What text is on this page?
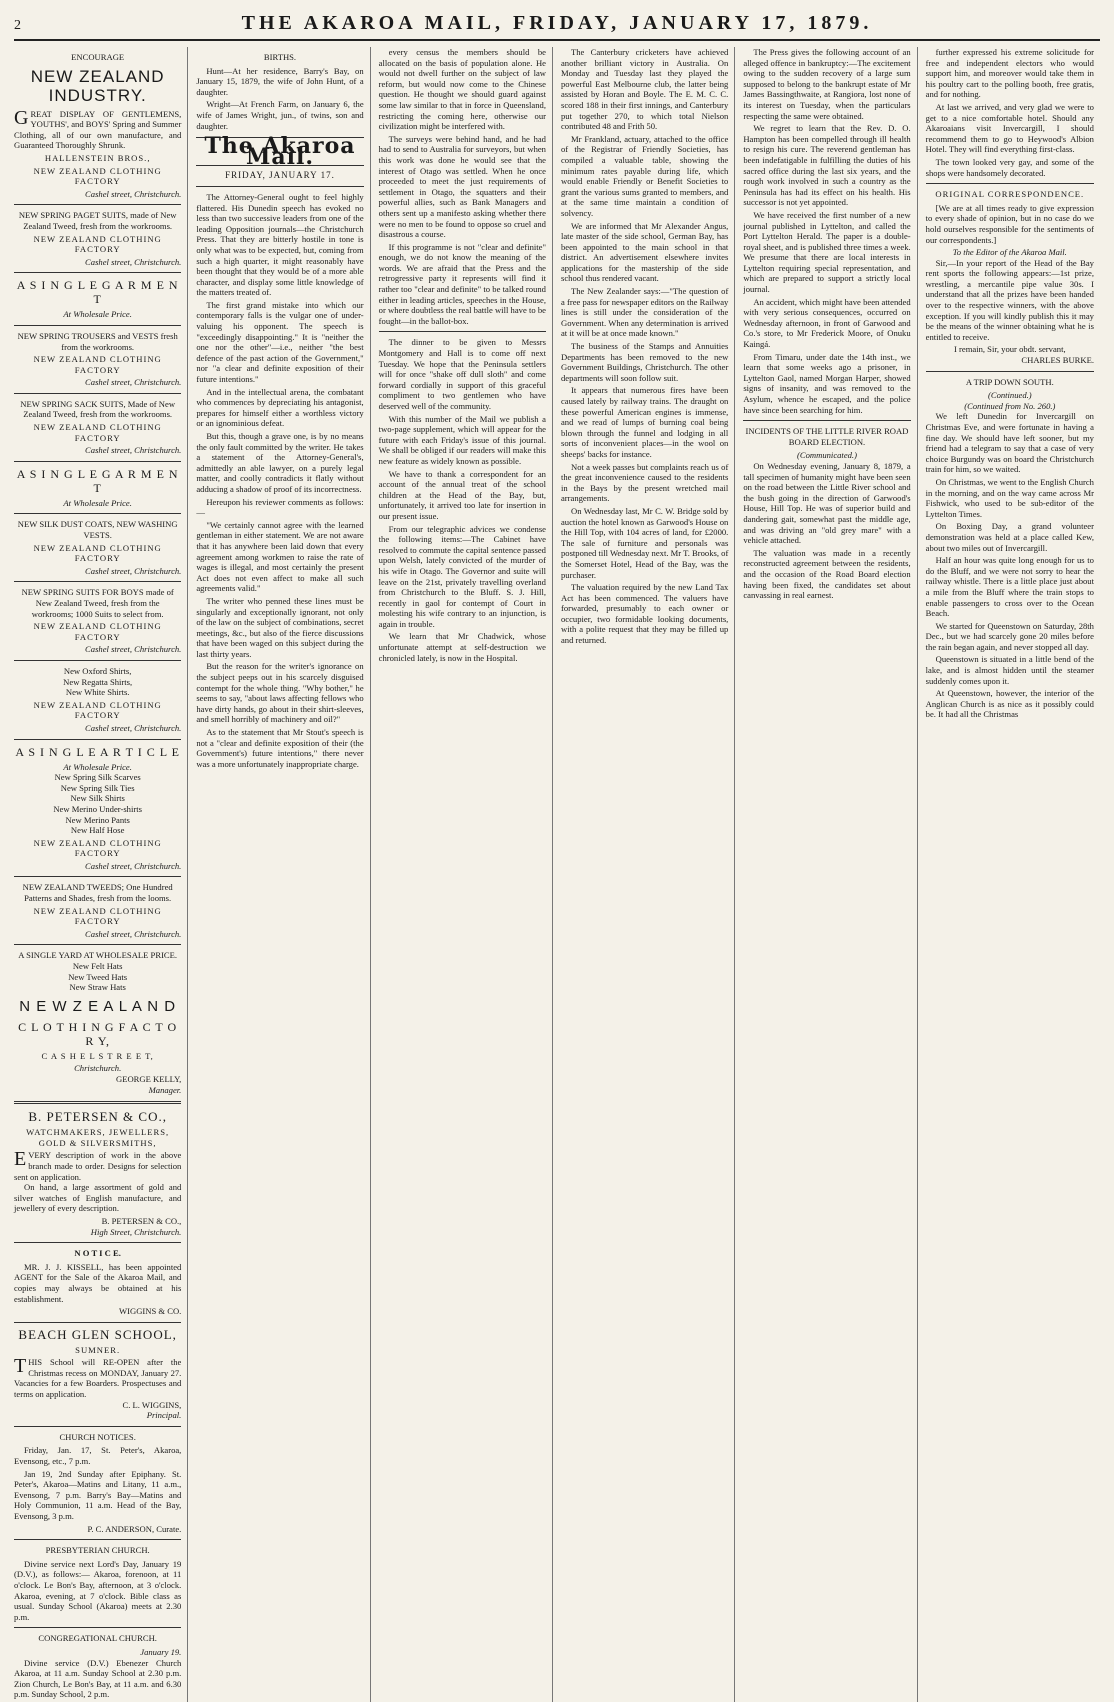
2	THE AKAROA MAIL, FRIDAY, JANUARY 17, 1879.
ENCOURAGE
NEW ZEALAND INDUSTRY.
GREAT DISPLAY OF GENTLEMENS, YOUTHS', and BOYS' Spring and Summer Clothing, all of our own manufacture, and Guaranteed Thoroughly Shrunk.
HALLENSTEIN BROS.,
NEW ZEALAND CLOTHING FACTORY
Cashel street, Christchurch.
NEW SPRING PAGET SUITS, made of New Zealand Tweed, fresh from the workrooms.
NEW ZEALAND CLOTHING FACTORY
Cashel street, Christchurch.
A S I N G L E G A R M E N T
At Wholesale Price.
NEW SPRING TROUSERS and VESTS fresh from the workrooms.
NEW ZEALAND CLOTHING FACTORY
Cashel street, Christchurch.
NEW SPRING SACK SUITS, Made of New Zealand Tweed, fresh from the workrooms.
NEW ZEALAND CLOTHING FACTORY
Cashel street, Christchurch.
A S I N G L E G A R M E N T
At Wholesale Price.
NEW SILK DUST COATS, NEW WASHING VESTS.
NEW ZEALAND CLOTHING FACTORY
Cashel street, Christchurch.
NEW SPRING SUITS FOR BOYS made of New Zealand Tweed, fresh from the workrooms; 1000 Suits to select from.
NEW ZEALAND CLOTHING FACTORY
Cashel street, Christchurch.
New Oxford Shirts,
New Regatta Shirts,
New White Shirts.
NEW ZEALAND CLOTHING FACTORY
Cashel street, Christchurch.
A S I N G L E A R T I C L E
At Wholesale Price.
New Spring Silk Scarves
New Spring Silk Ties
New Silk Shirts
New Merino Under-shirts
New Merino Pants
New Half Hose
NEW ZEALAND CLOTHING FACTORY
Cashel street, Christchurch.
NEW ZEALAND TWEEDS; One Hundred Patterns and Shades, fresh from the looms.
NEW ZEALAND CLOTHING FACTORY
Cashel street, Christchurch.
A SINGLE YARD AT WHOLESALE PRICE.
New Felt Hats
New Tweed Hats
New Straw Hats
N E W Z E A L A N D
C L O T H I N G F A C T O R Y,
C A S H E L S T R E E T,
Christchurch.
GEORGE KELLY,
Manager.
B. PETERSEN & CO.,
WATCHMAKERS, JEWELLERS, GOLD & SILVERSMITHS,
EVERY description of work in the above branch made to order. Designs for selection sent on application.
On hand, a large assortment of gold and silver watches of English manufacture, and jewellery of every description.
B. PETERSEN & CO.,
High Street, Christchurch.
N O T I C E.
MR. J. J. KISSELL, has been appointed AGENT for the Sale of the Akaroa Mail, and copies may always be obtained at his establishment.
WIGGINS & CO.
BEACH GLEN SCHOOL,
SUMNER.
THIS School will RE-OPEN after the Christmas recess on MONDAY, January 27. Vacancies for a few Boarders. Prospectuses and terms on application.
C. L. WIGGINS,
Principal.
CHURCH NOTICES.
Friday, Jan. 17, St. Peter's, Akaroa, Evensong, etc., 7 p.m.
Jan 19, 2nd Sunday after Epiphany. St. Peter's, Akaroa—Matins and Litany, 11 a.m., Evensong, 7 p.m. Barry's Bay—Matins and Holy Communion, 11 a.m. Head of the Bay, Evensong, 3 p.m.
P. C. ANDERSON, Curate.
PRESBYTERIAN CHURCH.
Divine service next Lord's Day, January 19 (D.V.), as follows:— Akaroa, forenoon, at 11 o'clock. Le Bon's Bay, afternoon, at 3 o'clock. Akaroa, evening, at 7 o'clock. Bible class as usual. Sunday School (Akaroa) meets at 2.30 p.m.
CONGREGATIONAL CHURCH.
January 19.
Divine service (D.V.) Ebenezer Church Akaroa, at 11 a.m. Sunday School at 2.30 p.m. Zion Church, Le Bon's Bay, at 11 a.m. and 6.30 p.m. Sunday School, 2 p.m.
BIRTHS.

Hunt—At her residence, Barry's Bay, on January 15, 1879, the wife of John Hunt, of a daughter.

Wright—At French Farm, on January 6, the wife of James Wright, jun., of twins, son and daughter.

The Akaroa Mail.
FRIDAY, JANUARY 17.

The Attorney-General ought to feel highly flattered. His Dunedin speech has evoked no less than two successive leaders from one of the leading Opposition journals—the Christchurch Press. That they are bitterly hostile in tone is only what was to be expected, but, coming from such a high quarter, it might reasonably have been thought that they would be of a more able character, and display some little knowledge of the matters treated of.

The first grand mistake into which our contemporary falls is the vulgar one of under-valuing his opponent. The speech is "exceedingly disappointing." It is "neither the one nor the other"—i.e., neither "the best defence of the past action of the Government," nor "a clear and definite exposition of their future intentions."

And in the intellectual arena, the combatant who commences by depreciating his antagonist, prepares for himself either a worthless victory or an ignominious defeat.

But this, though a grave one, is by no means the only fault committed by the writer. He takes a statement of the Attorney-General's, admittedly an able lawyer, on a purely legal matter, and coolly contradicts it flatly without adducing a shadow of proof of its incorrectness.

Hereupon his reviewer comments as follows:—

"We certainly cannot agree with the learned gentleman in either statement. We are not aware that it has anywhere been laid down that every agreement among workmen to raise the rate of wages is illegal, and most certainly the present Act does not even affect to make all such agreements valid."

The writer who penned these lines must be singularly and exceptionally ignorant, not only of the law on the subject of combinations, secret meetings, &c., but also of the fierce discussions that have been waged on this subject during the last thirty years.

But the reason for the writer's ignorance on the subject peeps out in his scarcely disguised contempt for the whole thing. "Why bother," he seems to say, "about laws affecting fellows who have dirty hands, go about in their shirt-sleeves, and smell horribly of machinery and oil?"

As to the statement that Mr Stout's speech is not a "clear and definite exposition of their (the Government's) future intentions," there never was a more unfortunately inappropriate charge.

every census the members should be allocated on the basis of population alone. He would not dwell further on the subject of law reform, but would now come to the Chinese question. He thought we should guard against some law similar to that in force in Queensland, restricting the coming here, otherwise our civilization might be interfered with.

The surveys were behind hand, and he had had to send to Australia for surveyors, but when this work was done he would see that the interest of Otago was settled. When he once proceeded to meet the just requirements of settlement in Otago, the squatters and their powerful allies, such as Bank Managers and others sent up a manifesto asking whether there were no men to be found to oppose so cruel and disastrous a course.

If this programme is not "clear and definite" enough, we do not know the meaning of the words. We are afraid that the Press and the retrogressive party it represents will find it rather too "clear and definite" to be talked round either in leading articles, speeches in the House, or where doubtless the real battle will have to be fought—in the ballot-box.

The dinner to be given to Messrs Montgomery and Hall is to come off next Tuesday. We hope that the Peninsula settlers will for once "shake off dull sloth" and come forward cordially in support of this graceful compliment to two gentlemen who have deserved well of the community.

With this number of the Mail we publish a two-page supplement, which will appear for the future with each Friday's issue of this journal. We shall be obliged if our readers will make this new feature as widely known as possible.

We have to thank a correspondent for an account of the annual treat of the school children at the Head of the Bay, but, unfortunately, it arrived too late for insertion in our present issue.

From our telegraphic advices we condense the following items:—The Cabinet have resolved to commute the capital sentence passed upon Welsh, lately convicted of the murder of his wife in Otago. The Governor and suite will leave on the 21st, privately travelling overland from Christchurch to the Bluff. S. J. Hill, recently in gaol for contempt of Court in molesting his wife contrary to an injunction, is again in trouble.

We learn that Mr Chadwick, whose unfortunate attempt at self-destruction we chronicled lately, is now in the Hospital.

The Canterbury cricketers have achieved another brilliant victory in Australia. On Monday and Tuesday last they played the powerful East Melbourne club, the latter being assisted by Horan and Boyle. The E. M. C. C. scored 188 in their first innings, and Canterbury put together 270, to which total Nielson contributed 48 and Frith 50.

Mr Frankland, actuary, attached to the office of the Registrar of Friendly Societies, has compiled a valuable table, showing the minimum rates payable during life, which would enable Friendly or Benefit Societies to grant the various sums granted to members, and at the same time maintain a condition of solvency.

We are informed that Mr Alexander Angus, late master of the side school, German Bay, has been appointed to the main school in that district. An advertisement elsewhere invites applications for the mastership of the side school thus rendered vacant.

The New Zealander says:—"The question of a free pass for newspaper editors on the Railway lines is still under the consideration of the Government. When any determination is arrived at it will be at once made known."

The business of the Stamps and Annuities Departments has been removed to the new Government Buildings, Christchurch. The other departments will soon follow suit.

It appears that numerous fires have been caused lately by railway trains. The draught on these powerful American engines is immense, and we read of lumps of burning coal being blown through the funnel and lodging in all sorts of inconvenient places—in the wool on sheeps' backs for instance.

Not a week passes but complaints reach us of the great inconvenience caused to the residents in the Bays by the present wretched mail arrangements.

On Wednesday last, Mr C. W. Bridge sold by auction the hotel known as Garwood's House on the Hill Top, with 104 acres of land, for £2000. The sale of furniture and personals was postponed till Wednesday next. Mr T. Brooks, of the Somerset Hotel, Head of the Bay, was the purchaser.

The valuation required by the new Land Tax Act has been commenced. The valuers have forwarded, presumably to each owner or occupier, two formidable looking documents, with a polite request that they may be filled up and returned.

The Press gives the following account of an alleged offence in bankruptcy:—The excitement owing to the sudden recovery of a large sum supposed to belong to the bankrupt estate of Mr James Bassingthwaite, at Rangiora, lost none of its interest on Tuesday, when the particulars respecting the same were obtained.

We regret to learn that the Rev. D. O. Hampton has been compelled through ill health to resign his cure. The reverend gentleman has been indefatigable in fulfilling the duties of his sacred office during the last six years, and the rough work involved in such a country as the Peninsula has had its effect on his health. His successor is not yet appointed.

We have received the first number of a new journal published in Lyttelton, and called the Port Lyttelton Herald. The paper is a double-royal sheet, and is published three times a week. We presume that there are local interests in Lyttelton requiring special representation, and which are prepared to support a strictly local journal.

An accident, which might have been attended with very serious consequences, occurred on Wednesday afternoon, in front of Garwood and Co.'s store, to Mr Frederick Moore, of Onuku Kaingá.

From Timaru, under date the 14th inst., we learn that some weeks ago a prisoner, in Lyttelton Gaol, named Morgan Harper, showed signs of insanity, and was removed to the Asylum, whence he escaped, and the police have since been searching for him.

INCIDENTS OF THE LITTLE RIVER ROAD BOARD ELECTION.
(Communicated.)

On Wednesday evening, January 8, 1879, a tall specimen of humanity might have been seen on the road between the Little River school and the bush going in the direction of Garwood's House, Hill Top. He was of superior build and dandering gait, somewhat past the middle age, and was driving an "old grey mare" with a vehicle attached.

The valuation was made in a recently reconstructed agreement between the residents, and the occasion of the Road Board election having been fixed, the candidates set about canvassing in real earnest.

further expressed his extreme solicitude for free and independent electors who would support him, and moreover would take them in his poultry cart to the polling booth, free gratis, and for nothing.

At last we arrived, and very glad we were to get to a nice comfortable hotel. Should any Akaroaians visit Invercargill, I should recommend them to go to Heywood's Albion Hotel. They will find everything first-class.

The town looked very gay, and some of the shops were handsomely decorated.

ORIGINAL CORRESPONDENCE.

[We are at all times ready to give expression to every shade of opinion, but in no case do we hold ourselves responsible for the sentiments of our correspondents.]

To the Editor of the Akaroa Mail.

Sir,—In your report of the Head of the Bay rent sports the following appears:—1st prize, wrestling, a mercantile pipe value 30s. I understand that all the prizes have been handed over to the respective winners, with the above exception. If you will kindly publish this it may be the means of the winner obtaining what he is entitled to receive.

I remain, Sir, your obdt. servant,
CHARLES BURKE.
A TRIP DOWN SOUTH.
(Continued.)
(Continued from No. 260.)

We left Dunedin for Invercargill on Christmas Eve, and were fortunate in having a fine day. We should have left sooner, but my friend had a telegram to say that a case of very choice Burgundy was on board the Christchurch train for him, so we waited.

On Christmas, we went to the English Church in the morning, and on the way came across Mr Fishwick, who used to be sub-editor of the Lyttelton Times.

On Boxing Day, a grand volunteer demonstration was held at a place called Kew, about two miles out of Invercargill.

Half an hour was quite long enough for us to do the Bluff, and we were not sorry to hear the railway whistle. There is a little place just about a mile from the Bluff where the train stops to enable passengers to cross over to the Ocean Beach.

We started for Queenstown on Saturday, 28th Dec., but we had scarcely gone 20 miles before the rain began again, and never stopped all day.

Queenstown is situated in a little bend of the lake, and is almost hidden until the steamer suddenly comes upon it.

At Queenstown, however, the interior of the Anglican Church is as nice as it possibly could be. It had all the Christmas
